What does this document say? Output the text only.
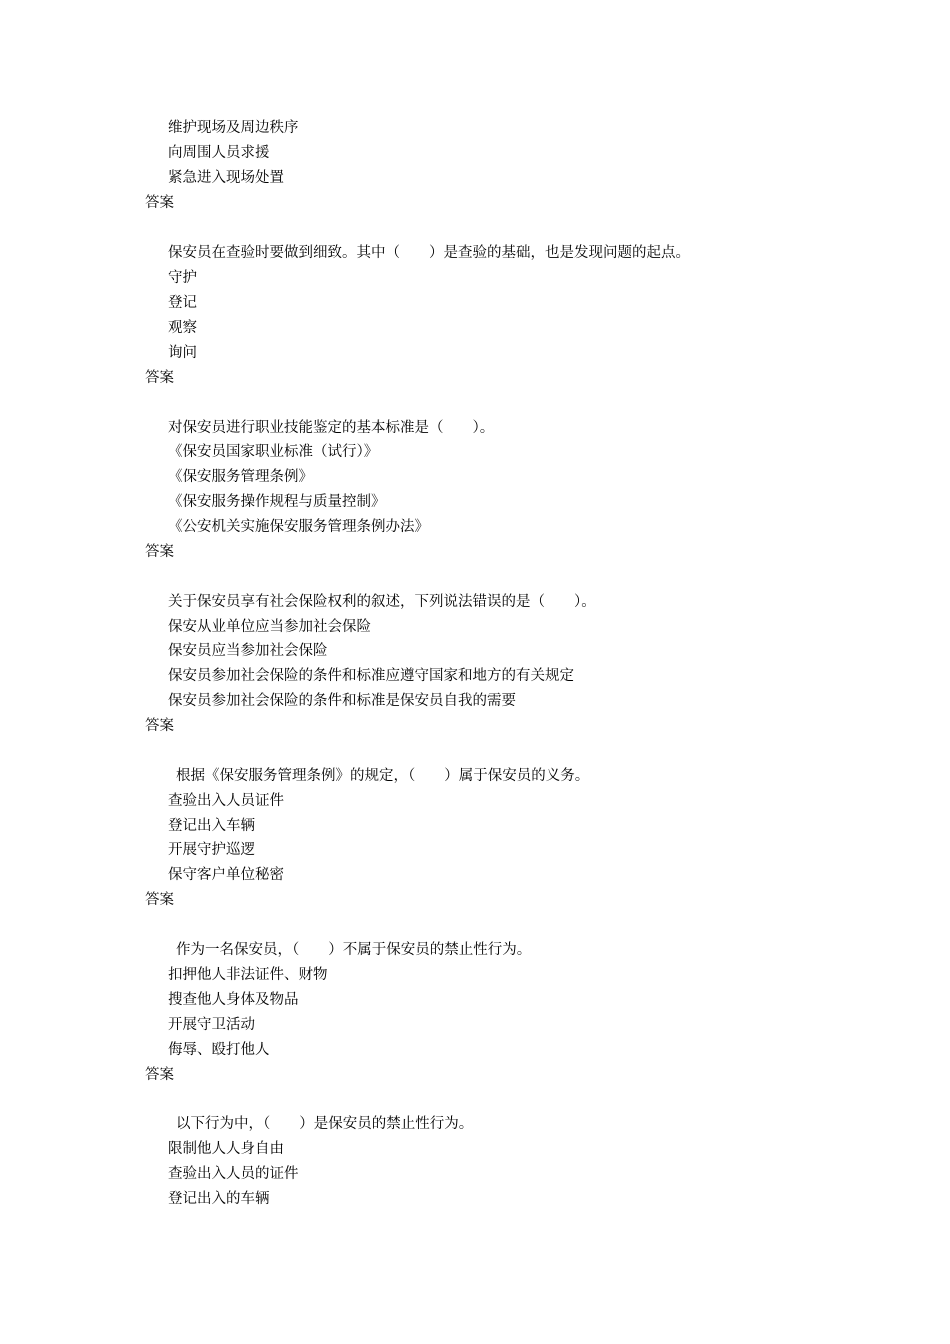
维护现场及周边秩序
向周围人员求援
紧急进入现场处置
答案
保安员在查验时要做到细致。其中（　　）是查验的基础，也是发现问题的起点。
守护
登记
观察
询问
答案
对保安员进行职业技能鉴定的基本标准是（　　）。
《保安员国家职业标准（试行）》
《保安服务管理条例》
《保安服务操作规程与质量控制》
《公安机关实施保安服务管理条例办法》
答案
关于保安员享有社会保险权利的叙述，下列说法错误的是（　　）。
保安从业单位应当参加社会保险
保安员应当参加社会保险
保安员参加社会保险的条件和标准应遵守国家和地方的有关规定
保安员参加社会保险的条件和标准是保安员自我的需要
答案
根据《保安服务管理条例》的规定，（　　）属于保安员的义务。
查验出入人员证件
登记出入车辆
开展守护巡逻
保守客户单位秘密
答案
作为一名保安员，（　　）不属于保安员的禁止性行为。
扣押他人非法证件、财物
搜查他人身体及物品
开展守卫活动
侮辱、殴打他人
答案
以下行为中，（　　）是保安员的禁止性行为。
限制他人人身自由
查验出入人员的证件
登记出入的车辆
